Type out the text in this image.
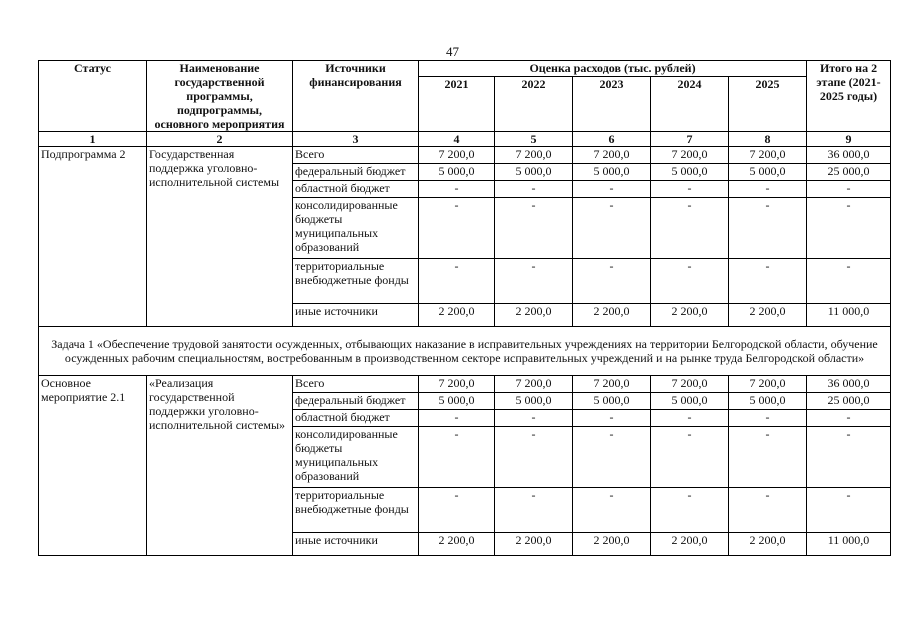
47
Статус	Наименование государственной программы, подпрограммы, основного мероприятия	Источники финансирования	Оценка расходов (тыс. рублей)					Итого на 2 этапе (2021-2025 годы)
			2021	2022	2023	2024	2025	
1	2	3	4	5	6	7	8	9
Подпрограмма 2	Государственная поддержка уголовно-исполнительной системы	Всего	7 200,0	7 200,0	7 200,0	7 200,0	7 200,0	36 000,0
		федеральный бюджет	5 000,0	5 000,0	5 000,0	5 000,0	5 000,0	25 000,0
		областной бюджет	-	-	-	-	-	-
		консолидированные бюджеты муниципальных образований	-	-	-	-	-	-
		территориальные внебюджетные фонды	-	-	-	-	-	-
		иные источники	2 200,0	2 200,0	2 200,0	2 200,0	2 200,0	11 000,0
Задача 1 «Обеспечение трудовой занятости осужденных, отбывающих наказание в исправительных учреждениях на территории Белгородской области, обучение осужденных рабочим специальностям, востребованным в производственном секторе исправительных учреждений и на рынке труда Белгородской области»								
Основное мероприятие 2.1	«Реализация государственной поддержки уголовно-исполнительной системы»	Всего	7 200,0	7 200,0	7 200,0	7 200,0	7 200,0	36 000,0
		федеральный бюджет	5 000,0	5 000,0	5 000,0	5 000,0	5 000,0	25 000,0
		областной бюджет	-	-	-	-	-	-
		консолидированные бюджеты муниципальных образований	-	-	-	-	-	-
		территориальные внебюджетные фонды	-	-	-	-	-	-
		иные источники	2 200,0	2 200,0	2 200,0	2 200,0	2 200,0	11 000,0
